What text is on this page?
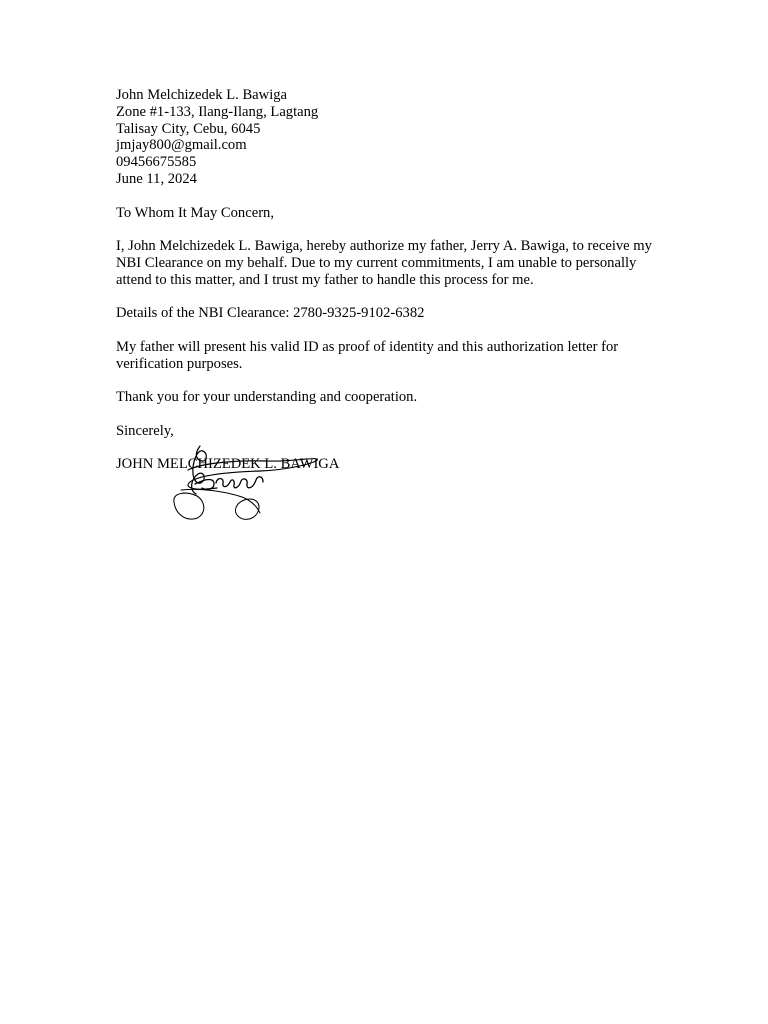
John Melchizedek L. Bawiga
Zone #1-133, Ilang-Ilang, Lagtang
Talisay City, Cebu, 6045
jmjay800@gmail.com
09456675585
June 11, 2024

To Whom It May Concern,

I, John Melchizedek L. Bawiga, hereby authorize my father, Jerry A. Bawiga, to receive my NBI Clearance on my behalf. Due to my current commitments, I am unable to personally attend to this matter, and I trust my father to handle this process for me.

Details of the NBI Clearance: 2780-9325-9102-6382

My father will present his valid ID as proof of identity and this authorization letter for verification purposes.

Thank you for your understanding and cooperation.

Sincerely,

JOHN MELCHIZEDEK L. BAWIGA
